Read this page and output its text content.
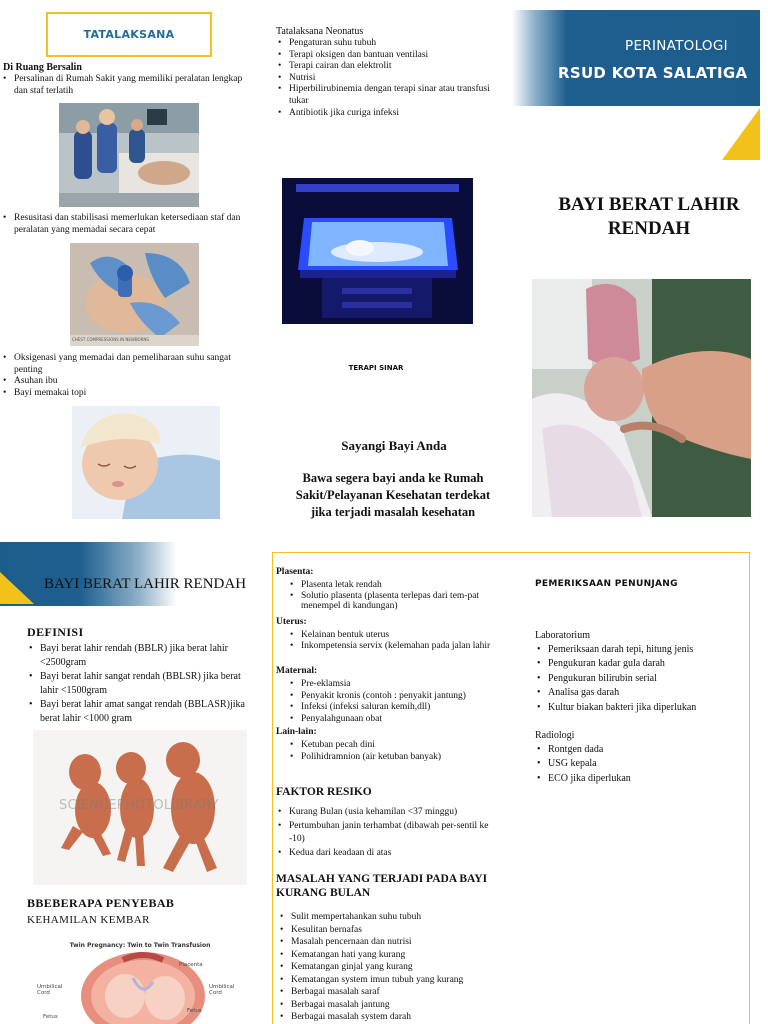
TATALAKSANA
Di Ruang Bersalin
• Persalinan di Rumah Sakit yang memiliki peralatan lengkap dan staf terlatih
• Resusitasi dan stabilisasi memerlukan ketersediaan staf dan peralatan yang memadai secara cepat
CHEST COMPRESSIONS IN NEWBORNS
• Oksigenasi yang memadai dan pemeliharaan suhu sangat penting
• Asuhan ibu
• Bayi memakai topi
Tatalaksana Neonatus
• Pengaturan suhu tubuh
• Terapi oksigen dan bantuan ventilasi
• Terapi cairan dan elektrolit
• Nutrisi
• Hiperbilirubinemia dengan terapi sinar atau transfusi tukar
• Antibiotik jika curiga infeksi
TERAPI SINAR
Sayangi Bayi Anda
Bawa segera bayi anda ke Rumah Sakit/Pelayanan Kesehatan terdekat jika terjadi masalah kesehatan
PERINATOLOGI
RSUD KOTA SALATIGA
BAYI BERAT LAHIR RENDAH
BAYI BERAT LAHIR RENDAH
DEFINISI
• Bayi berat lahir rendah (BBLR) jika berat lahir <2500gram
• Bayi berat lahir sangat rendah (BBLSR) jika berat lahir <1500gram
• Bayi berat lahir amat sangat rendah (BBLASR)jika berat lahir <1000 gram
SCIENCEPHOTOLIBRARY
BBEBERAPA PENYEBAB
KEHAMILAN KEMBAR
Twin Pregnancy: Twin to Twin Transfusion
Placenta
Umbilical Cord
Umbilical Cord
Fetus
Fetus
Plasenta:
• Plasenta letak rendah
• Solutio plasenta (plasenta terlepas dari tem-pat menempel di kandungan)
Uterus:
• Kelainan bentuk uterus
• Inkompetensia servix (kelemahan pada jalan lahir
Maternal:
• Pre-eklamsia
• Penyakit kronis (contoh : penyakit jantung)
• Infeksi (infeksi saluran kemih,dll)
• Penyalahgunaan obat
Lain-lain:
• Ketuban pecah dini
• Polihidramnion (air ketuban banyak)
FAKTOR RESIKO
• Kurang Bulan (usia kehamilan <37 minggu)
• Pertumbuhan janin terhambat (dibawah per-sentil ke -10)
• Kedua dari keadaan di atas
MASALAH YANG TERJADI PADA BAYI KURANG BULAN
• Sulit mempertahankan suhu tubuh
• Kesulitan bernafas
• Masalah pencernaan dan nutrisi
• Kematangan hati yang kurang
• Kematangan ginjal yang kurang
• Kematangan system imun tubuh yang kurang
• Berbagai masalah saraf
• Berbagai masalah jantung
• Berbagai masalah system darah
PEMERIKSAAN PENUNJANG
Laboratorium
• Pemeriksaan darah tepi, hitung jenis
• Pengukuran kadar gula darah
• Pengukuran bilirubin serial
• Analisa gas darah
• Kultur biakan bakteri jika diperlukan
Radiologi
• Rontgen dada
• USG kepala
• ECO jika diperlukan
